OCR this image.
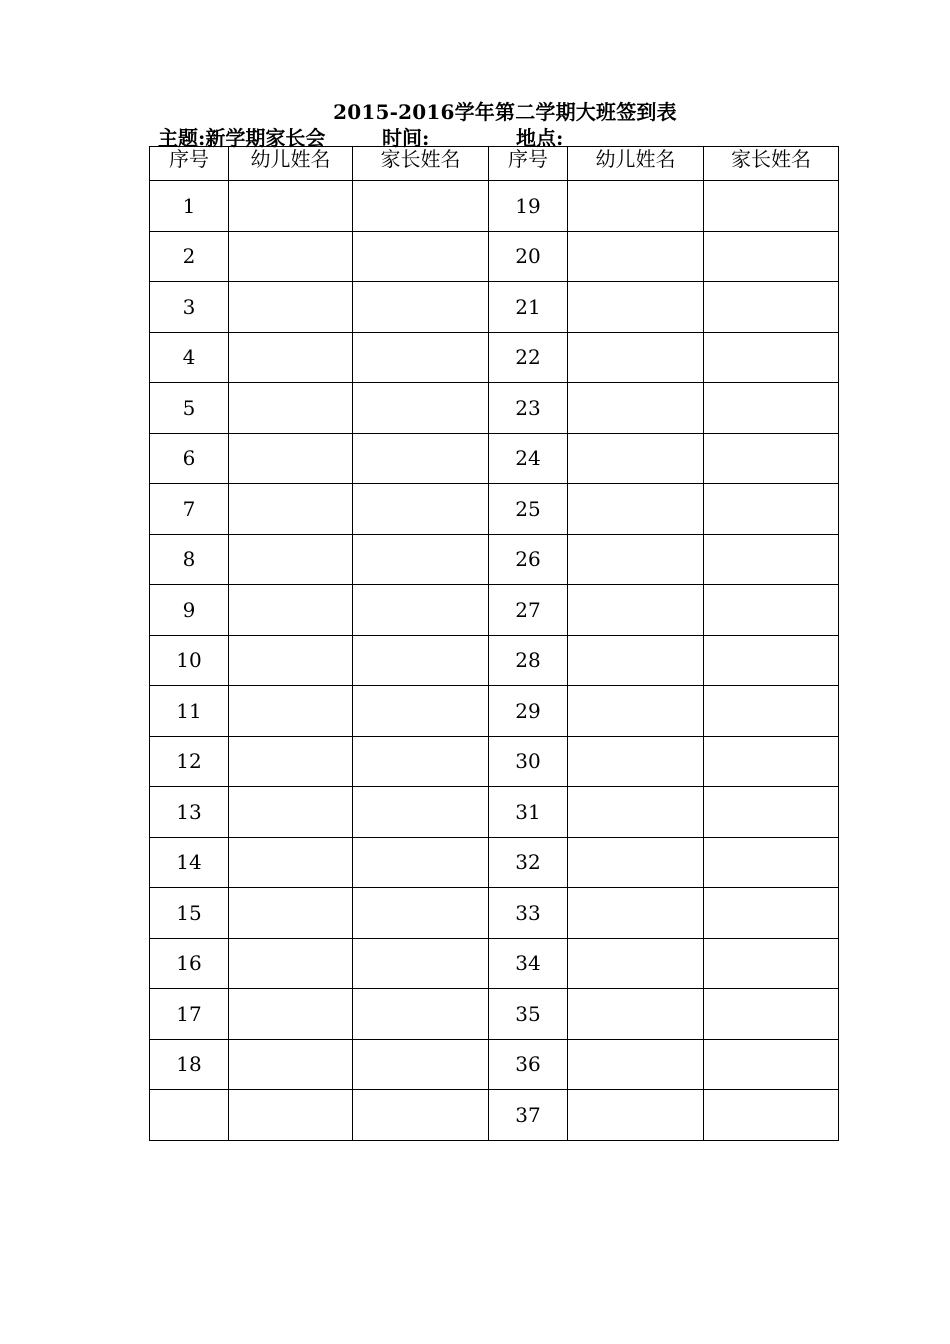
2015-2016学年第二学期大班签到表
主题:新学期家长会	时间:	地点:
序号	幼儿姓名	家长姓名	序号	幼儿姓名	家长姓名
1			19		
2			20		
3			21		
4			22		
5			23		
6			24		
7			25		
8			26		
9			27		
10			28		
11			29		
12			30		
13			31		
14			32		
15			33		
16			34		
17			35		
18			36		
			37		
